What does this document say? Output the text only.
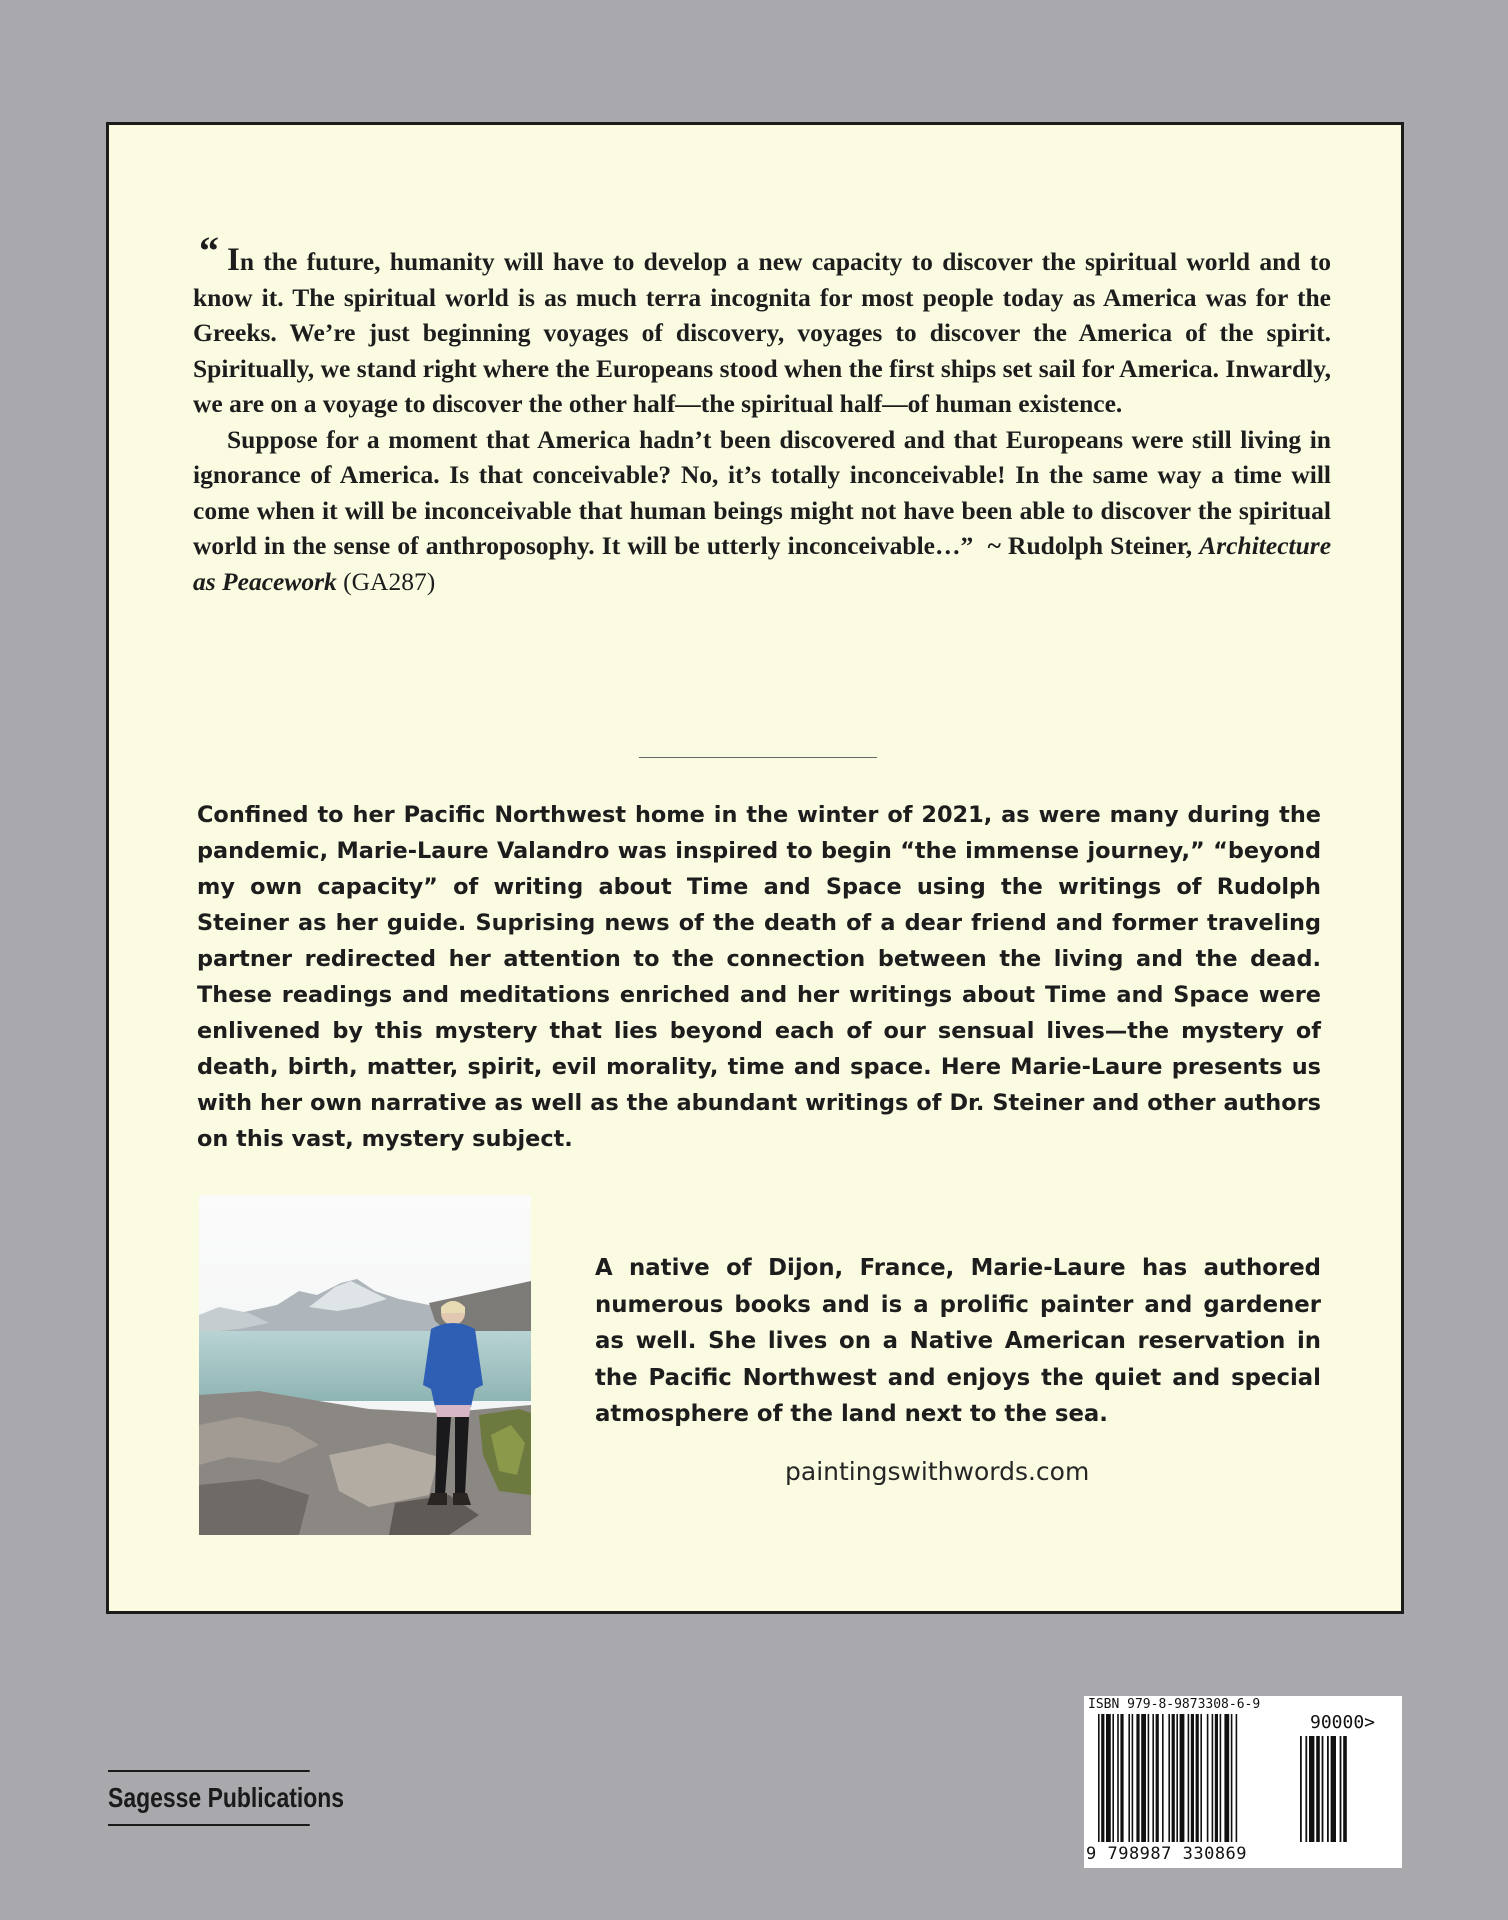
“ In the future, humanity will have to develop a new capacity to discover the spiritual world and to know it. The spiritual world is as much terra incognita for most people today as America was for the Greeks. We’re just beginning voyages of discovery, voyages to discover the America of the spirit. Spiritually, we stand right where the Europeans stood when the first ships set sail for America. Inwardly, we are on a voyage to discover the other half—the spiritual half—of human existence.

Suppose for a moment that America hadn’t been discovered and that Europeans were still living in ignorance of America. Is that conceivable? No, it’s totally inconceivable! In the same way a time will come when it will be inconceivable that human beings might not have been able to discover the spiritual world in the sense of anthroposophy. It will be utterly inconceivable…” ~ Rudolph Steiner, Architecture as Peacework (GA287)

Confined to her Pacific Northwest home in the winter of 2021, as were many during the pandemic, Marie-Laure Valandro was inspired to begin “the immense journey,” “beyond my own capacity” of writing about Time and Space using the writings of Rudolph Steiner as her guide. Suprising news of the death of a dear friend and former traveling partner redirected her attention to the connection between the living and the dead. These readings and meditations enriched and her writings about Time and Space were enlivened by this mystery that lies beyond each of our sensual lives—the mystery of death, birth, matter, spirit, evil morality, time and space. Here Marie-Laure presents us with her own narrative as well as the abundant writings of Dr. Steiner and other authors on this vast, mystery subject.

A native of Dijon, France, Marie-Laure has authored numerous books and is a prolific painter and gardener as well. She lives on a Native American reservation in the Pacific Northwest and enjoys the quiet and special atmosphere of the land next to the sea.

paintingswithwords.com

Sagesse Publications
ISBN 979-8-9873308-6-9
90000>
9 798987 330869
